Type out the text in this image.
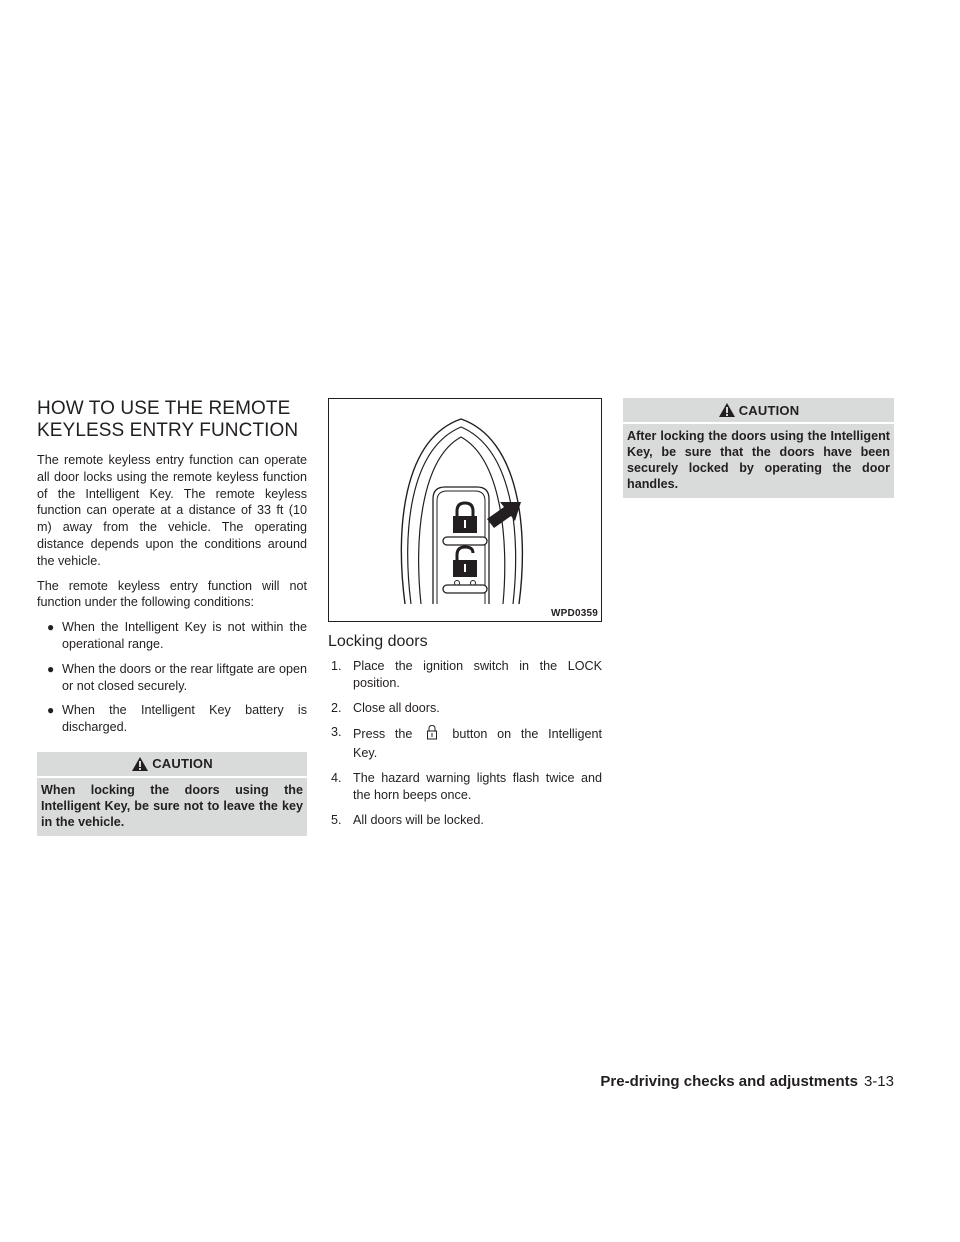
HOW TO USE THE REMOTE
KEYLESS ENTRY FUNCTION

The remote keyless entry function can operate all door locks using the remote keyless function of the Intelligent Key. The remote keyless function can operate at a distance of 33 ft (10 m) away from the vehicle. The operating distance depends upon the conditions around the vehicle.

The remote keyless entry function will not function under the following conditions:

● When the Intelligent Key is not within the operational range.
● When the doors or the rear liftgate are open or not closed securely.
● When the Intelligent Key battery is discharged.
CAUTION

When locking the doors using the Intelligent Key, be sure not to leave the key in the vehicle.

WPD0359
Locking doors
1. Place the ignition switch in the LOCK position.
2. Close all doors.
3. Press the	button on the Intelligent Key.
4. The hazard warning lights flash twice and the horn beeps once.
5. All doors will be locked.
CAUTION

After locking the doors using the Intelligent Key, be sure that the doors have been securely locked by operating the door handles.

Pre-driving checks and adjustments 3-13
